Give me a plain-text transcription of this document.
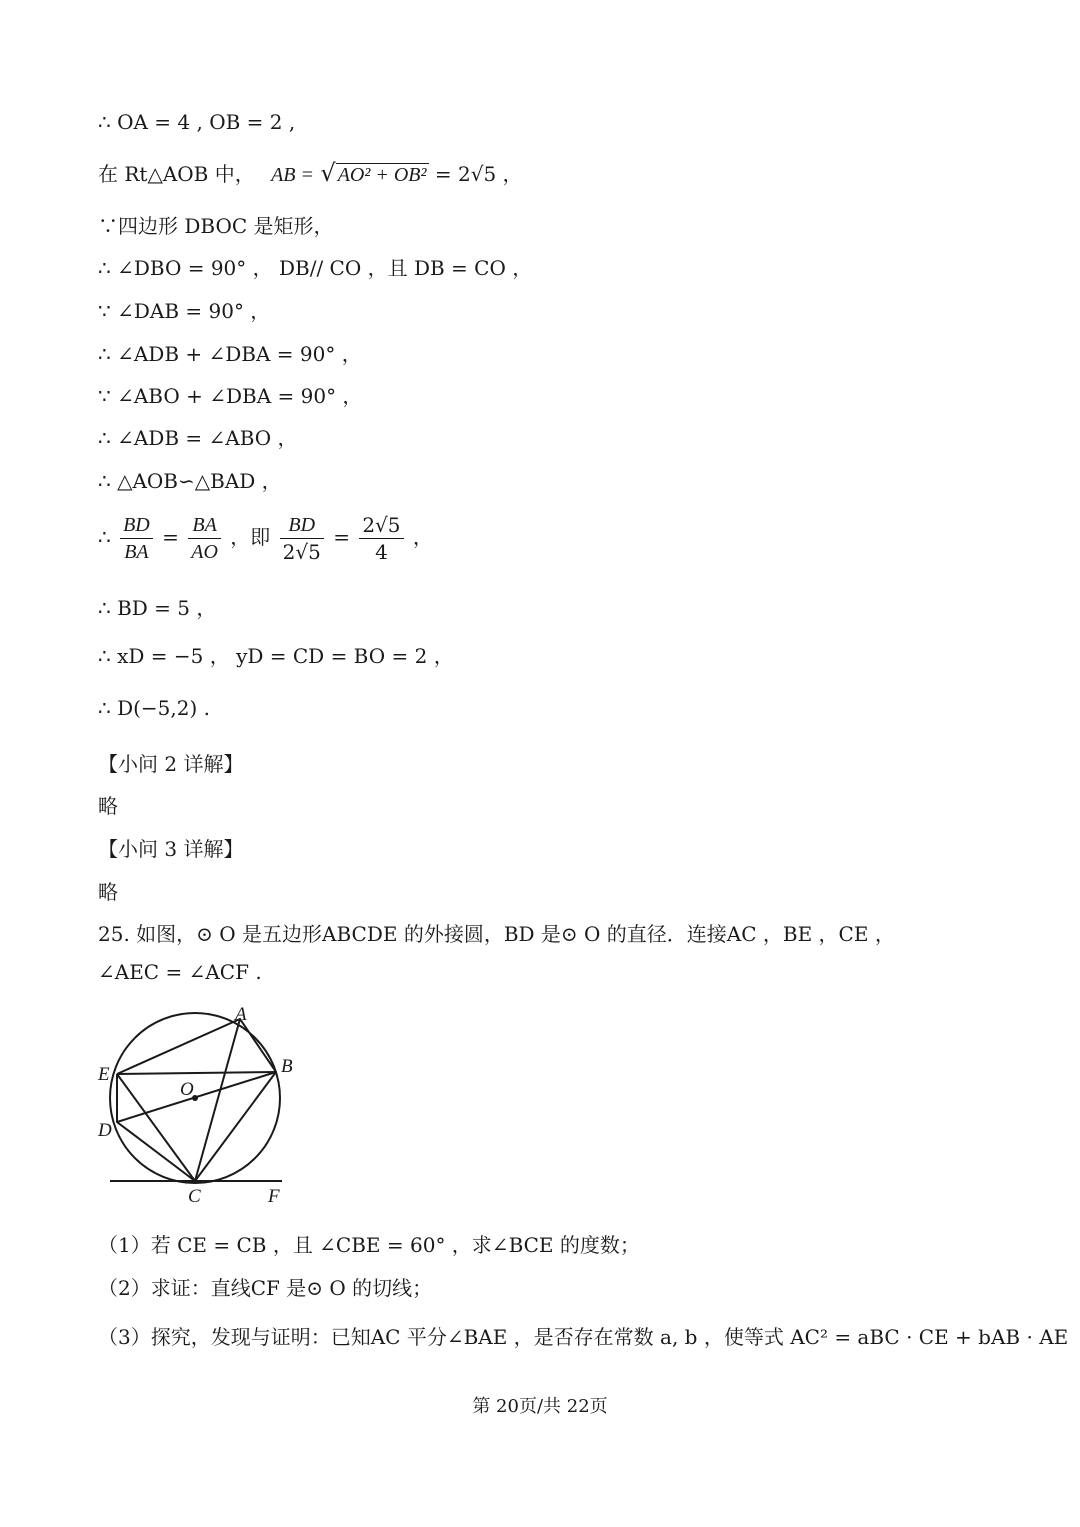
∴ OA = 4 , OB = 2 ,
在 Rt△AOB 中， AB = √ AO² + OB² = 2√5 ，
∵四边形 DBOC 是矩形，
∴ ∠DBO = 90° ， DB// CO ，且 DB = CO ，
∵ ∠DAB = 90° ，
∴ ∠ADB + ∠DBA = 90° ，
∵ ∠ABO + ∠DBA = 90° ，
∴ ∠ADB = ∠ABO ，
∴ △AOB∽△BAD ，
∴ $\frac{BD}{BA} = \frac{BA}{AO}$ ，即 $\frac{BD}{2√5} = \frac{2√5}{4}$ ，
∴ BD = 5 ，
∴ xD = −5 ， yD = CD = BO = 2 ，
∴ D(−5,2) .
【小问 2 详解】
略
【小问 3 详解】
略
25. 如图，⊙ O 是五边形ABCDE 的外接圆，BD 是⊙ O 的直径．连接AC ，BE ，CE ，
∠AEC = ∠ACF .
A
B
C
D
E
F
O
（1）若 CE = CB ，且 ∠CBE = 60° ，求∠BCE 的度数；
（2）求证：直线CF 是⊙ O 的切线；
（3）探究，发现与证明：已知AC 平分∠BAE ，是否存在常数 a, b ，使等式 AC² = aBC · CE + bAB · AE
第 20页/共 22页
